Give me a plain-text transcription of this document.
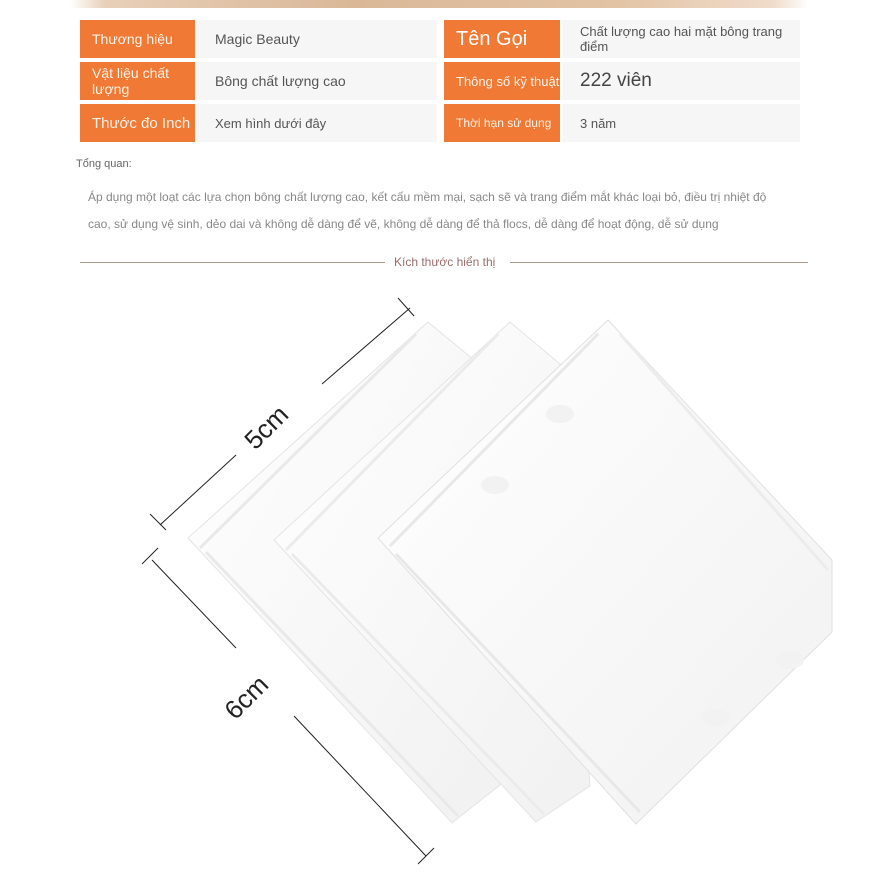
Thương hiệu	Magic Beauty	Tên Gọi	Chất lượng cao hai mặt bông trang điểm
Vật liệu chất lượng	Bông chất lượng cao	Thông số kỹ thuật	222 viên
Thước đo Inch	Xem hình dưới đây	Thời hạn sử dụng	3 năm
Tổng quan:
Áp dụng một loạt các lựa chọn bông chất lượng cao, kết cấu mềm mại, sạch sẽ và trang điểm mắt khác loại bỏ, điều trị nhiệt độ cao, sử dụng vệ sinh, dẻo dai và không dễ dàng để vẽ, không dễ dàng để thả flocs, dễ dàng để hoạt động, dễ sử dụng
Kích thước hiển thị
5cm
6cm
